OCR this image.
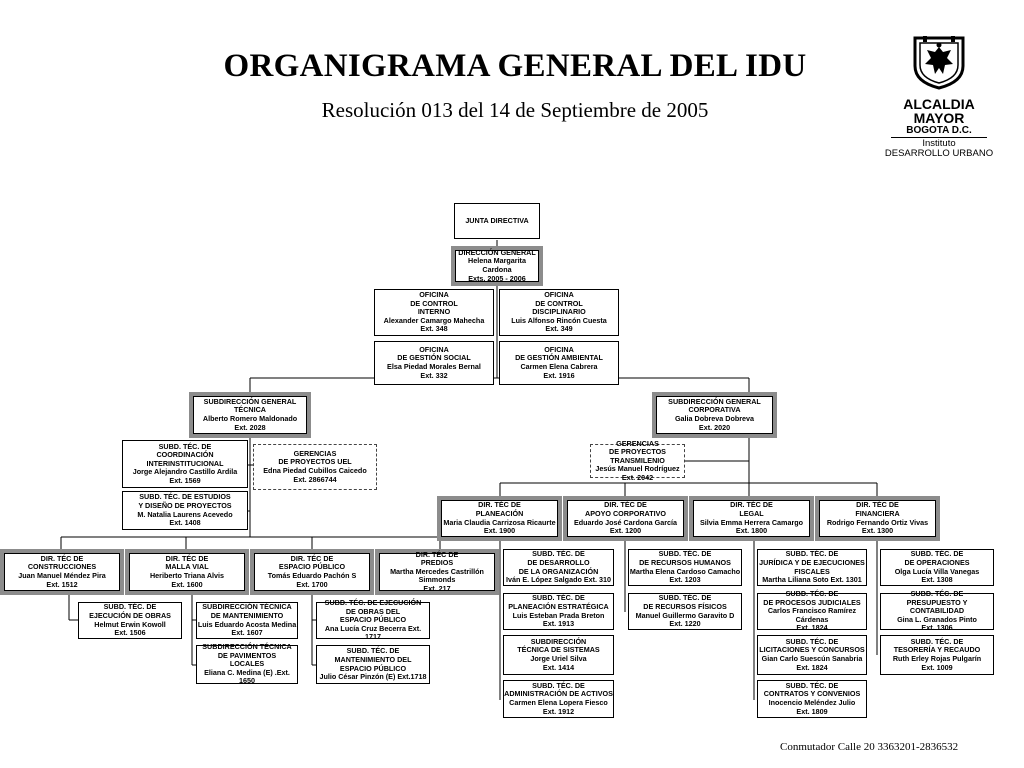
ORGANIGRAMA GENERAL DEL IDU
Resolución 013 del 14 de Septiembre de 2005	ALCALDIA MAYOR
BOGOTA D.C.
Instituto
DESARROLLO URBANO
JUNTA DIRECTIVA
DIRECCIÓN GENERAL
Helena Margarita Cardona
Exts. 2005 - 2006
OFICINA
DE CONTROL
INTERNO
Alexander Camargo Mahecha
Ext. 348
OFICINA
DE CONTROL
DISCIPLINARIO
Luis Alfonso Rincón Cuesta
Ext. 349
OFICINA
DE GESTIÓN SOCIAL
Elsa Piedad Morales Bernal
Ext. 332
OFICINA
DE GESTIÓN AMBIENTAL
Carmen Elena Cabrera
Ext. 1916
SUBDIRECCIÓN GENERAL
TÉCNICA
Alberto Romero Maldonado
Ext. 2028
SUBDIRECCIÓN GENERAL
CORPORATIVA
Galia Dobreva Dobreva
Ext. 2020
SUBD. TÉC. DE
COORDINACIÓN
INTERINSTITUCIONAL
Jorge Alejandro Castillo Ardila
Ext. 1569
SUBD. TÉC. DE ESTUDIOS
Y DISEÑO DE PROYECTOS
M. Natalia Laurens Acevedo
Ext. 1408
GERENCIAS
DE PROYECTOS UEL
Edna Piedad Cubillos Caicedo
Ext. 2866744
GERENCIAS
DE PROYECTOS TRANSMILENIO
Jesús Manuel Rodríguez Ext. 2042
DIR. TÉC DE
PLANEACIÓN
Maria Claudia Carrizosa Ricaurte
Ext. 1900
DIR. TÉC DE
APOYO CORPORATIVO
Eduardo José Cardona García
Ext. 1200
DIR. TÉC DE
LEGAL
Silvia Emma Herrera Camargo
Ext. 1800
DIR. TÉC DE
FINANCIERA
Rodrigo Fernando Ortiz Vivas
Ext. 1300
DIR. TÉC DE
CONSTRUCCIONES
Juan Manuel Méndez Pira
Ext. 1512
DIR. TÉC DE
MALLA VIAL
Heriberto Triana Alvis
Ext. 1600
DIR. TÉC DE
ESPACIO PÚBLICO
Tomás Eduardo Pachón S
Ext. 1700
DIR. TÉC DE
PREDIOS
Martha Mercedes Castrillón Simmonds
Ext. 217
SUBD. TÉC. DE
EJECUCIÓN DE OBRAS
Helmut Erwin Kowoll
Ext. 1506
SUBDIRECCIÓN TÉCNICA
DE MANTENIMIENTO
Luis Eduardo Acosta Medina
Ext. 1607
SUBDIRECCIÓN TÉCNICA
DE PAVIMENTOS
LOCALES
Eliana C. Medina (E) .Ext. 1650
SUBD. TÉC. DE EJECUCIÓN
DE OBRAS DEL
ESPACIO PÚBLICO
Ana Lucía Cruz Becerra Ext. 1717
SUBD. TÉC. DE
MANTENIMIENTO DEL
ESPACIO PÚBLICO
Julio César Pinzón (E) Ext.1718
SUBD. TÉC. DE
DE DESARROLLO
DE LA ORGANIZACIÓN
Iván E. López Salgado Ext. 310
SUBD. TÉC. DE
PLANEACIÓN ESTRATÉGICA
Luis Esteban Prada Breton
Ext. 1913
SUBDIRECCIÓN
TÉCNICA DE SISTEMAS
Jorge Uriel Silva
Ext. 1414
SUBD. TÉC. DE
ADMINISTRACIÓN DE ACTIVOS
Carmen Elena Lopera Fiesco
Ext. 1912
SUBD. TÉC. DE
DE RECURSOS HUMANOS
Martha Elena Cardoso Camacho
Ext. 1203
SUBD. TÉC. DE
DE RECURSOS FÍSICOS
Manuel Guillermo Garavito D
Ext. 1220
SUBD. TÉC. DE
JURÍDICA Y DE EJECUCIONES
FISCALES
Martha Liliana Soto Ext. 1301
SUBD. TÉC. DE
DE PROCESOS JUDICIALES
Carlos Francisco Ramírez Cárdenas
Ext. 1824
SUBD. TÉC. DE
LICITACIONES Y CONCURSOS
Gian Carlo Suescún Sanabria
Ext. 1824
SUBD. TÉC. DE
CONTRATOS Y CONVENIOS
Inocencio Meléndez Julio
Ext. 1809
SUBD. TÉC. DE
DE OPERACIONES
Olga Lucía Villa Vanegas
Ext. 1308
SUBD. TÉC. DE
PRESUPUESTO Y CONTABILIDAD
Gina L. Granados Pinto
Ext. 1306
SUBD. TÉC. DE
TESORERÍA Y RECAUDO
Ruth Erley Rojas Pulgarín
Ext. 1009
Conmutador Calle 20 3363201-2836532
